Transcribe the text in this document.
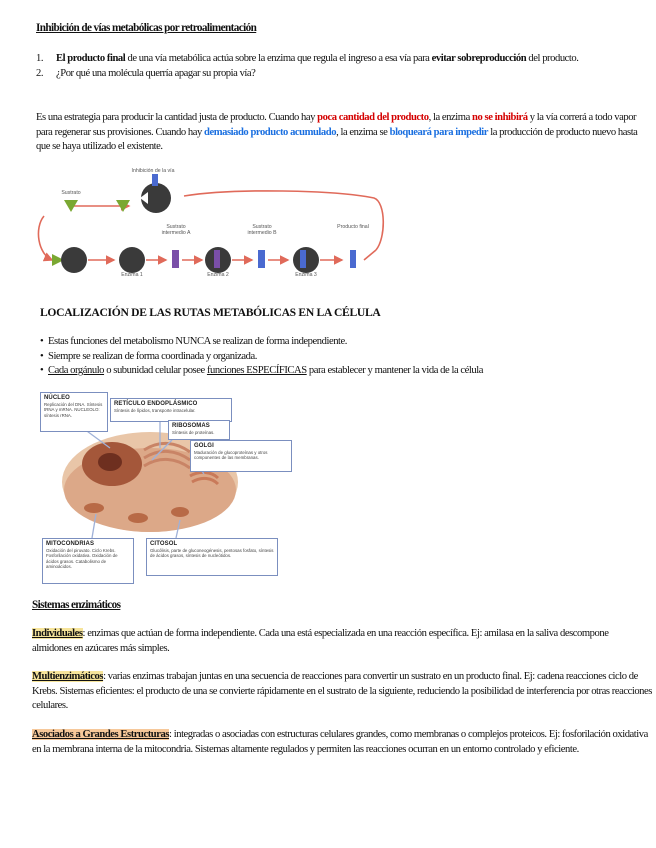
Inhibición de vías metabólicas por retroalimentación
1. El producto final de una vía metabólica actúa sobre la enzima que regula el ingreso a esa vía para evitar sobreproducción del producto.
2. ¿Por qué una molécula querría apagar su propia vía?
Es una estrategia para producir la cantidad justa de producto. Cuando hay poca cantidad del producto, la enzima no se inhibirá y la vía correrá a todo vapor para regenerar sus provisiones. Cuando hay demasiado producto acumulado, la enzima se bloqueará para impedir la producción de producto nuevo hasta que se haya utilizado el existente.
Inhibición de la vía
Sustrato
Sustrato intermedio A
Sustrato intermedio B
Producto final
Enzima 1	Enzima 2	Enzima 3
LOCALIZACIÓN DE LAS RUTAS METABÓLICAS EN LA CÉLULA
• Estas funciones del metabolismo NUNCA se realizan de forma independiente.
• Siempre se realizan de forma coordinada y organizada.
• Cada orgánulo o subunidad celular posee funciones ESPECÍFICAS para establecer y mantener la vida de la célula
NÚCLEO
Replicación del DNA. Síntesis tRNA y mRNA. NUCLEOLO: síntesis rRNA.
RETÍCULO ENDOPLÁSMICO
Síntesis de lípidos, transporte intracelular.
RIBOSOMAS
Síntesis de proteínas.
GOLGI
Maduración de glucoproteínas y otros componentes de las membranas.
MITOCONDRIAS
Oxidación del piruvato. Ciclo Krebs. Fosforilación oxidativa. Oxidación de ácidos grasos. Catabolismo de aminoácidos.
CITOSOL
Glucólisis, parte de gluconeogénesis, pentosas fosfato, síntesis de ácidos grasos, síntesis de nucleótidos.
Sistemas enzimáticos
Individuales: enzimas que actúan de forma independiente. Cada una está especializada en una reacción específica. Ej: amilasa en la saliva descompone almidones en azúcares más simples.
Multienzimáticos: varias enzimas trabajan juntas en una secuencia de reacciones para convertir un sustrato en un producto final. Ej: cadena reacciones ciclo de Krebs. Sistemas eficientes: el producto de una se convierte rápidamente en el sustrato de la siguiente, reduciendo la posibilidad de interferencia por otras reacciones celulares.
Asociados a Grandes Estructuras: integradas o asociadas con estructuras celulares grandes, como membranas o complejos proteicos. Ej: fosforilación oxidativa en la membrana interna de la mitocondria. Sistemas altamente regulados y permiten las reacciones ocurran en un entorno controlado y eficiente.
